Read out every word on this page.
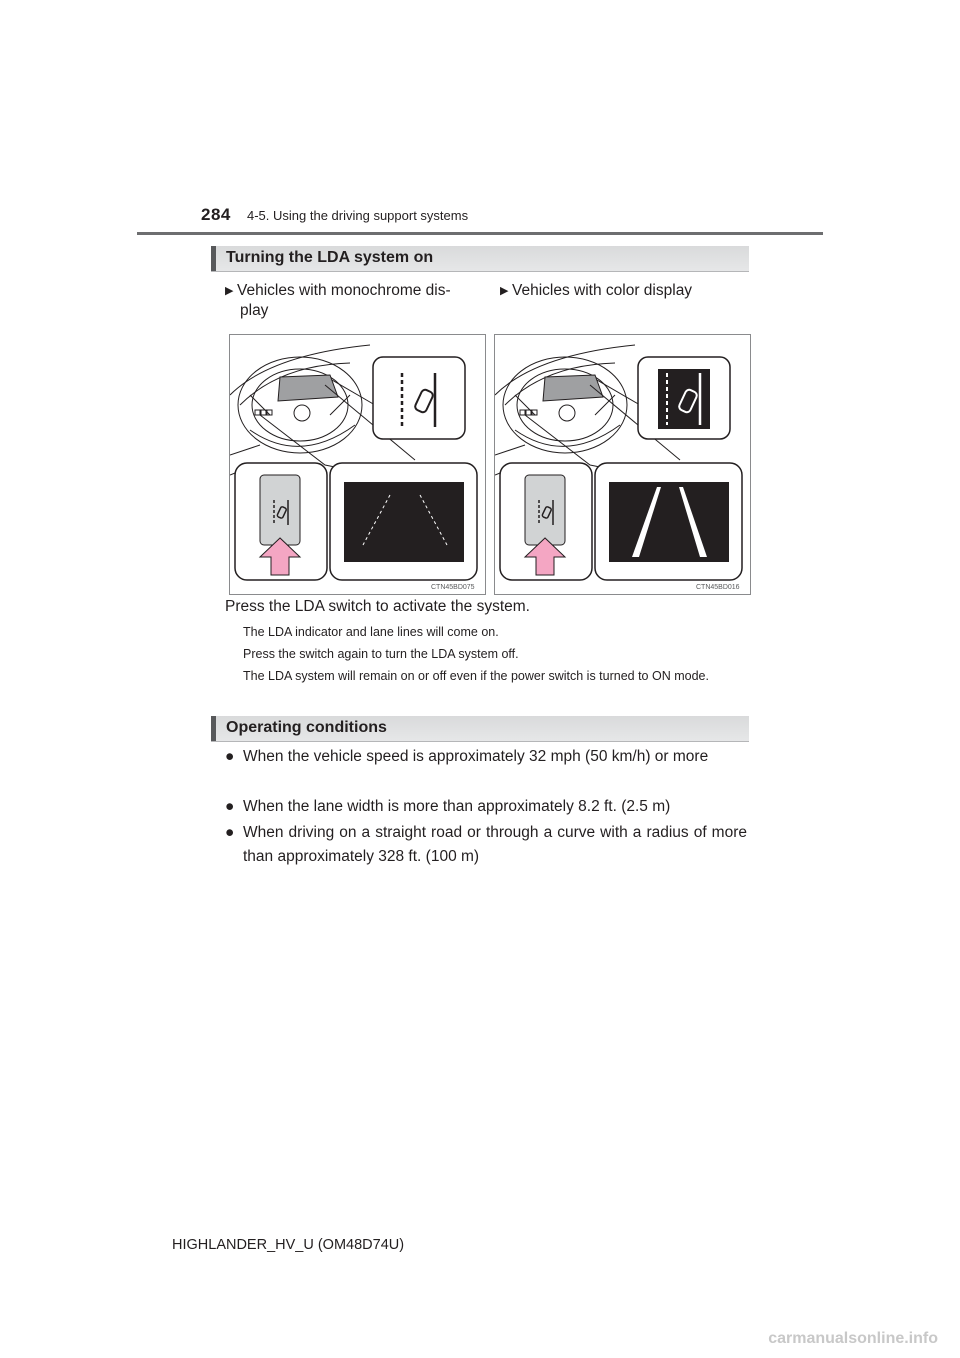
284 4-5. Using the driving support systems
Turning the LDA system on
▶ Vehicles with monochrome dis-
play
▶ Vehicles with color display
CTN45BD075	CTN45BD016
Press the LDA switch to activate the system.
The LDA indicator and lane lines will come on.
Press the switch again to turn the LDA system off.
The LDA system will remain on or off even if the power switch is turned to ON mode.
Operating conditions
● When the vehicle speed is approximately 32 mph (50 km/h) or more
● When the lane width is more than approximately 8.2 ft. (2.5 m)
● When driving on a straight road or through a curve with a radius of more than approximately 328 ft. (100 m)
HIGHLANDER_HV_U (OM48D74U)
carmanualsonline.info
